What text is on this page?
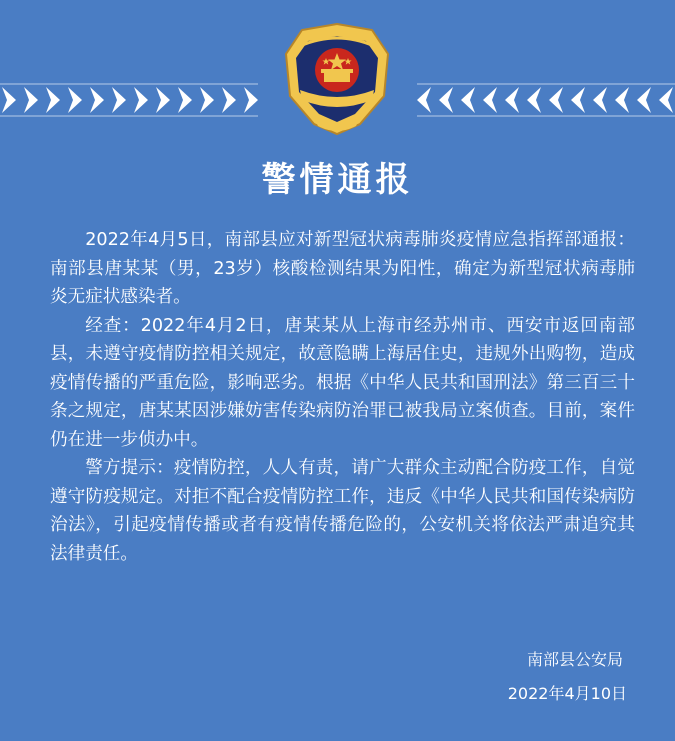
警情通报

2022年4月5日，南部县应对新型冠状病毒肺炎疫情应急指挥部通报：南部县唐某某（男，23岁）核酸检测结果为阳性，确定为新型冠状病毒肺炎无症状感染者。

经查：2022年4月2日，唐某某从上海市经苏州市、西安市返回南部县，未遵守疫情防控相关规定，故意隐瞒上海居住史，违规外出购物，造成疫情传播的严重危险，影响恶劣。根据《中华人民共和国刑法》第三百三十条之规定，唐某某因涉嫌妨害传染病防治罪已被我局立案侦查。目前，案件仍在进一步侦办中。

警方提示：疫情防控，人人有责，请广大群众主动配合防疫工作，自觉遵守防疫规定。对拒不配合疫情防控工作，违反《中华人民共和国传染病防治法》，引起疫情传播或者有疫情传播危险的，公安机关将依法严肃追究其法律责任。

南部县公安局
2022年4月10日
